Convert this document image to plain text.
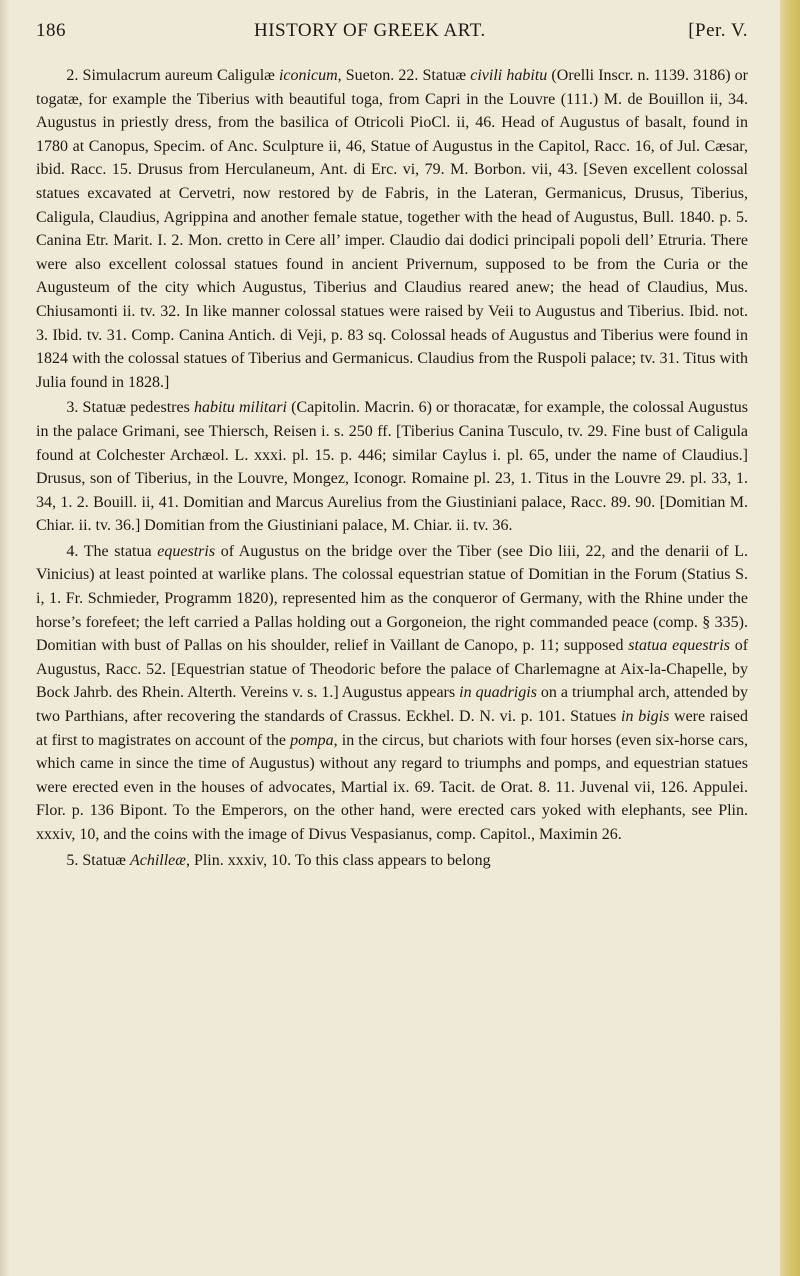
186	HISTORY OF GREEK ART.	[Per. V.

2. Simulacrum aureum Caligulæ iconicum, Sueton. 22. Statuæ civili habitu (Orelli Inscr. n. 1139. 3186) or togatæ, for example the Tiberius with beautiful toga, from Capri in the Louvre (111.) M. de Bouillon ii, 34. Augustus in priestly dress, from the basilica of Otricoli PioCl. ii, 46. Head of Augustus of basalt, found in 1780 at Canopus, Specim. of Anc. Sculpture ii, 46, Statue of Augustus in the Capitol, Racc. 16, of Jul. Cæsar, ibid. Racc. 15. Drusus from Herculaneum, Ant. di Erc. vi, 79. M. Borbon. vii, 43. [Seven excellent colossal statues excavated at Cervetri, now restored by de Fabris, in the Lateran, Germanicus, Drusus, Tiberius, Caligula, Claudius, Agrippina and another female statue, together with the head of Augustus, Bull. 1840. p. 5. Canina Etr. Marit. I. 2. Mon. cretto in Cere all’ imper. Claudio dai dodici principali popoli dell’ Etruria. There were also excellent colossal statues found in ancient Privernum, supposed to be from the Curia or the Augusteum of the city which Augustus, Tiberius and Claudius reared anew; the head of Claudius, Mus. Chiusamonti ii. tv. 32. In like manner colossal statues were raised by Veii to Augustus and Tiberius. Ibid. not. 3. Ibid. tv. 31. Comp. Canina Antich. di Veji, p. 83 sq. Colossal heads of Augustus and Tiberius were found in 1824 with the colossal statues of Tiberius and Germanicus. Claudius from the Ruspoli palace; tv. 31. Titus with Julia found in 1828.]

3. Statuæ pedestres habitu militari (Capitolin. Macrin. 6) or thoracatæ, for example, the colossal Augustus in the palace Grimani, see Thiersch, Reisen i. s. 250 ff. [Tiberius Canina Tusculo, tv. 29. Fine bust of Caligula found at Colchester Archæol. L. xxxi. pl. 15. p. 446; similar Caylus i. pl. 65, under the name of Claudius.] Drusus, son of Tiberius, in the Louvre, Mongez, Iconogr. Romaine pl. 23, 1. Titus in the Louvre 29. pl. 33, 1. 34, 1. 2. Bouill. ii, 41. Domitian and Marcus Aurelius from the Giustiniani palace, Racc. 89. 90. [Domitian M. Chiar. ii. tv. 36.] Domitian from the Giustiniani palace, M. Chiar. ii. tv. 36.

4. The statua equestris of Augustus on the bridge over the Tiber (see Dio liii, 22, and the denarii of L. Vinicius) at least pointed at warlike plans. The colossal equestrian statue of Domitian in the Forum (Statius S. i, 1. Fr. Schmieder, Programm 1820), represented him as the conqueror of Germany, with the Rhine under the horse’s forefeet; the left carried a Pallas holding out a Gorgoneion, the right commanded peace (comp. § 335). Domitian with bust of Pallas on his shoulder, relief in Vaillant de Canopo, p. 11; supposed statua equestris of Augustus, Racc. 52. [Equestrian statue of Theodoric before the palace of Charlemagne at Aix-la-Chapelle, by Bock Jahrb. des Rhein. Alterth. Vereins v. s. 1.] Augustus appears in quadrigis on a triumphal arch, attended by two Parthians, after recovering the standards of Crassus. Eckhel. D. N. vi. p. 101. Statues in bigis were raised at first to magistrates on account of the pompa, in the circus, but chariots with four horses (even six-horse cars, which came in since the time of Augustus) without any regard to triumphs and pomps, and equestrian statues were erected even in the houses of advocates, Martial ix. 69. Tacit. de Orat. 8. 11. Juvenal vii, 126. Appulei. Flor. p. 136 Bipont. To the Emperors, on the other hand, were erected cars yoked with elephants, see Plin. xxxiv, 10, and the coins with the image of Divus Vespasianus, comp. Capitol., Maximin 26.

5. Statuæ Achilleæ, Plin. xxxiv, 10. To this class appears to belong
